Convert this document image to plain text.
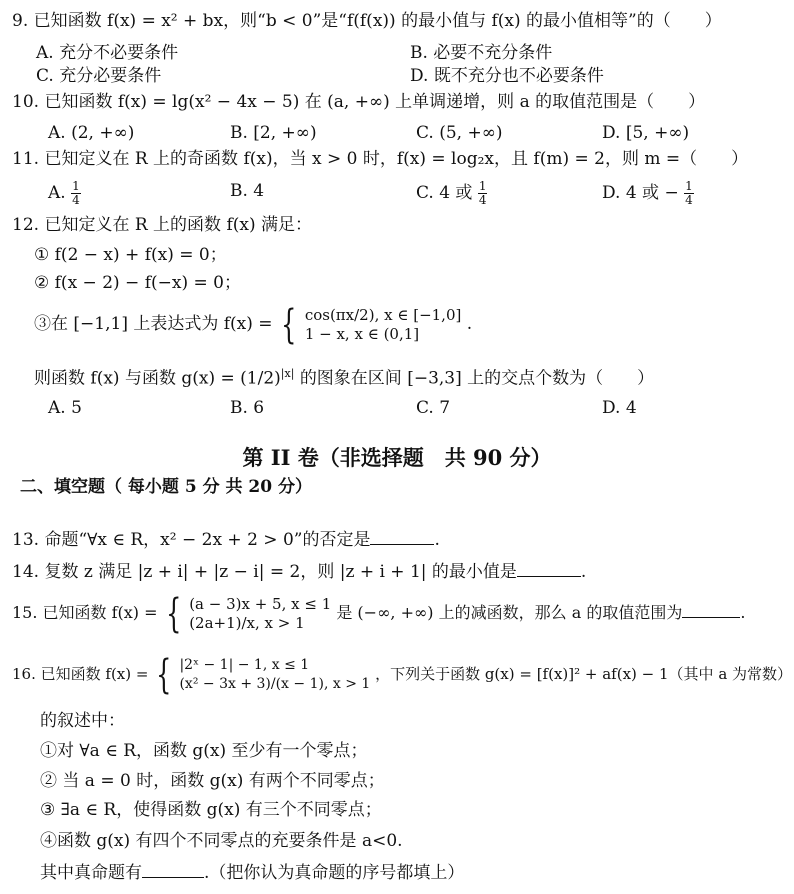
9. 已知函数 f(x) = x² + bx，则“b < 0”是“f(f(x)) 的最小值与 f(x) 的最小值相等”的（　　）
A. 充分不必要条件	B. 必要不充分条件
C. 充分必要条件	D. 既不充分也不必要条件
10. 已知函数 f(x) = lg(x² − 4x − 5) 在 (a, +∞) 上单调递增，则 a 的取值范围是（　　）
A. (2, +∞)	B. [2, +∞)	C. (5, +∞)	D. [5, +∞)
11. 已知定义在 R 上的奇函数 f(x)，当 x > 0 时，f(x) = log₂x，且 f(m) = 2，则 m =（　　）
A. $\frac{1}{4}$	B. 4	C. 4 或 $\frac{1}{4}$	D. 4 或 − $\frac{1}{4}$
12. 已知定义在 R 上的函数 f(x) 满足：
① f(2 − x) + f(x) = 0；
② f(x − 2) − f(−x) = 0；
③在 [−1,1] 上表达式为 f(x) = { cos(πx/2), x ∈ [−1,0]
1 − x, x ∈ (0,1]	.
则函数 f(x) 与函数 $g(x) = (1/2)^{|x|}$ 的图象在区间 [−3,3] 上的交点个数为（　　）
A. 5	B. 6	C. 7	D. 4
第 II 卷（非选择题　共 90 分）
二、填空题（ 每小题 5 分 共 20 分）
13. 命题“∀x ∈ R，x² − 2x + 2 > 0”的否定是	.
14. 复数 z 满足 |z + i| + |z − i| = 2，则 |z + i + 1| 的最小值是	.
15. 已知函数 f(x) = { (a − 3)x + 5, x ≤ 1
(2a+1)/x, x > 1
是 (−∞, +∞) 上的减函数，那么 a 的取值范围为	.
16. 已知函数 f(x) = { |2ˣ − 1| − 1, x ≤ 1
(x² − 3x + 3)/(x − 1), x > 1
，下列关于函数 g(x) = [f(x)]² + af(x) − 1（其中 a 为常数）
的叙述中：
①对 ∀a ∈ R，函数 g(x) 至少有一个零点；
② 当 a = 0 时，函数 g(x) 有两个不同零点；
③ ∃a ∈ R，使得函数 g(x) 有三个不同零点；
④函数 g(x) 有四个不同零点的充要条件是 a<0.
其中真命题有	.（把你认为真命题的序号都填上）
